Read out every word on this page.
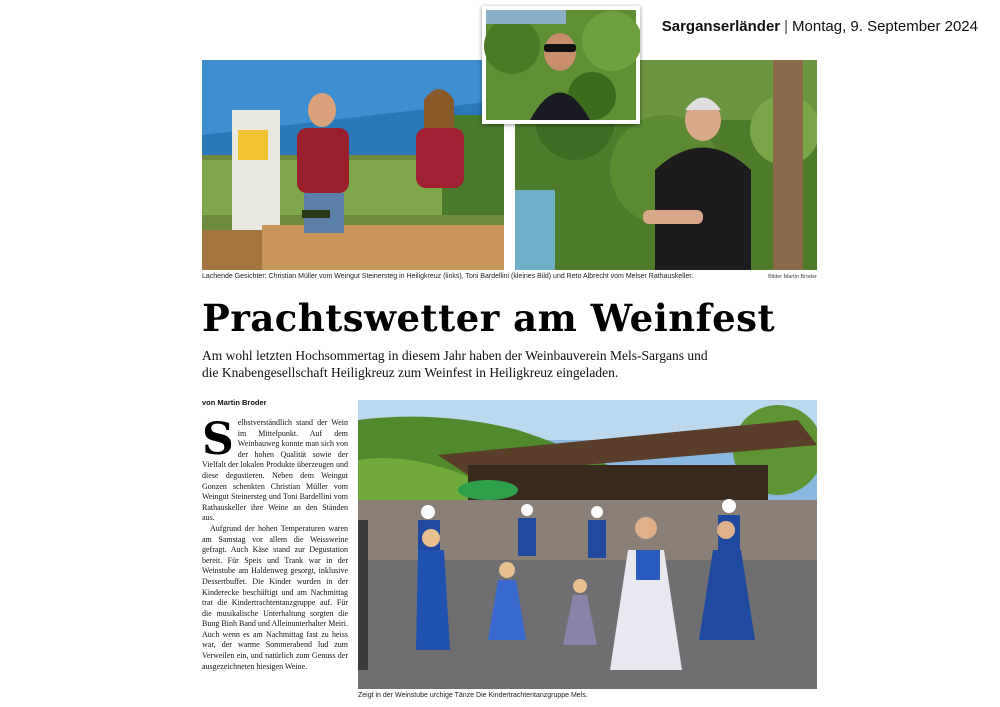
Sarganserländer | Montag, 9. September 2024
Lachende Gesichter: Christian Müller vom Weingut Steinersteg in Heiligkreuz (links), Toni Bardellini (kleines Bild) und Reto Albrecht vom Melser Rathauskeller.	Bilder Martin Broder
Prachtswetter am Weinfest
Am wohl letzten Hochsommertag in diesem Jahr haben der Weinbauverein Mels-Sargans und die Knabengesellschaft Heiligkreuz zum Weinfest in Heiligkreuz eingeladen.
von Martin Broder

Selbstverständlich stand der Wein im Mittelpunkt. Auf dem Weinbauweg konnte man sich von der hohen Qualität sowie der Vielfalt der lokalen Produkte überzeugen und diese degustieren. Neben dem Weingut Gonzen schenkten Christian Müller vom Weingut Steinersteg und Toni Bardellini vom Rathauskeller ihre Weine an den Ständen aus.

Aufgrund der hohen Temperaturen waren am Samstag vor allem die Weissweine gefragt. Auch Käse stand zur Degustation bereit. Für Speis und Trank war in der Weinstube am Haldenweg gesorgt, inklusive Dessertbuffet. Die Kinder wurden in der Kinderecke beschäftigt und am Nachmittag trat die Kindertrachtentanzgruppe auf. Für die musikalische Unterhaltung sorgten die Bung Binh Band und Alleinunterhalter Meiri. Auch wenn es am Nachmittag fast zu heiss war, der warme Sommerabend lud zum Verweilen ein, und natürlich zum Genuss der ausgezeichneten hiesigen Weine.

Zeigt in der Weinstube urchige Tänze Die Kindertrachtentanzgruppe Mels.
